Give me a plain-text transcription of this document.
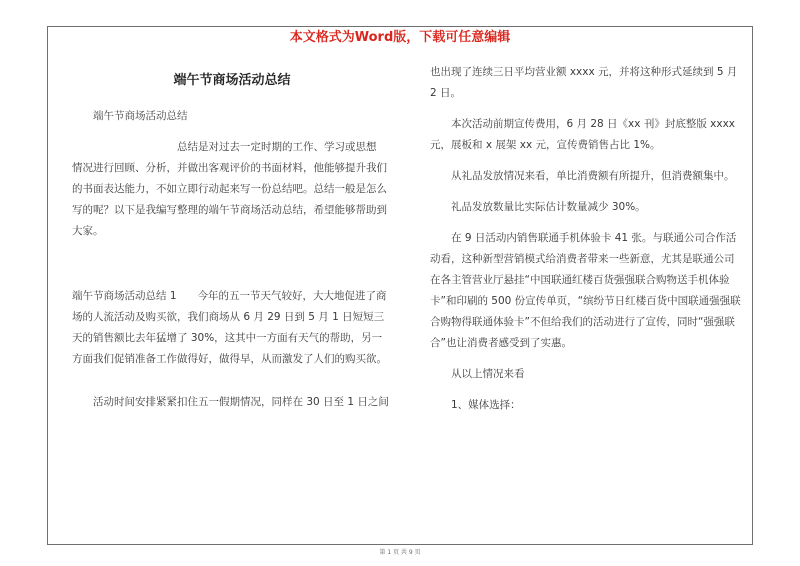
本文格式为Word版，下载可任意编辑
端午节商场活动总结

端午节商场活动总结

总结是对过去一定时期的工作、学习或思想

情况进行回顾、分析，并做出客观评价的书面材料，他能够提升我们的书面表达能力，不如立即行动起来写一份总结吧。总结一般是怎么写的呢？以下是我编写整理的端午节商场活动总结，希望能够帮助到大家。

端午节商场活动总结 1　　今年的五一节天气较好，大大地促进了商场的人流活动及购买欲，我们商场从 6 月 29 日到 5 月 1 日短短三天的销售额比去年猛增了 30%，这其中一方面有天气的帮助，另一方面我们促销准备工作做得好，做得早，从而激发了人们的购买欲。

活动时间安排紧紧扣住五一假期情况，同样在 30 日至 1 日之间

也出现了连续三日平均营业额 xxxx 元，并将这种形式延续到 5 月 2 日。

本次活动前期宣传费用，6 月 28 日《xx 刊》封底整版 xxxx 元，展板和 x 展架 xx 元，宣传费销售占比 1%。

从礼品发放情况来看，单比消费额有所提升，但消费额集中。

礼品发放数量比实际估计数量减少 30%。

在 9 日活动内销售联通手机体验卡 41 张。与联通公司合作活动看，这种新型营销模式给消费者带来一些新意，尤其是联通公司在各主管营业厅悬挂“中国联通红楼百货强强联合购物送手机体验卡”和印刷的 500 份宣传单页，“缤纷节日红楼百货中国联通强强联合购物得联通体验卡”不但给我们的活动进行了宣传，同时“强强联合”也让消费者感受到了实惠。

从以上情况来看

1、媒体选择：

第 1 页 共 9 页
